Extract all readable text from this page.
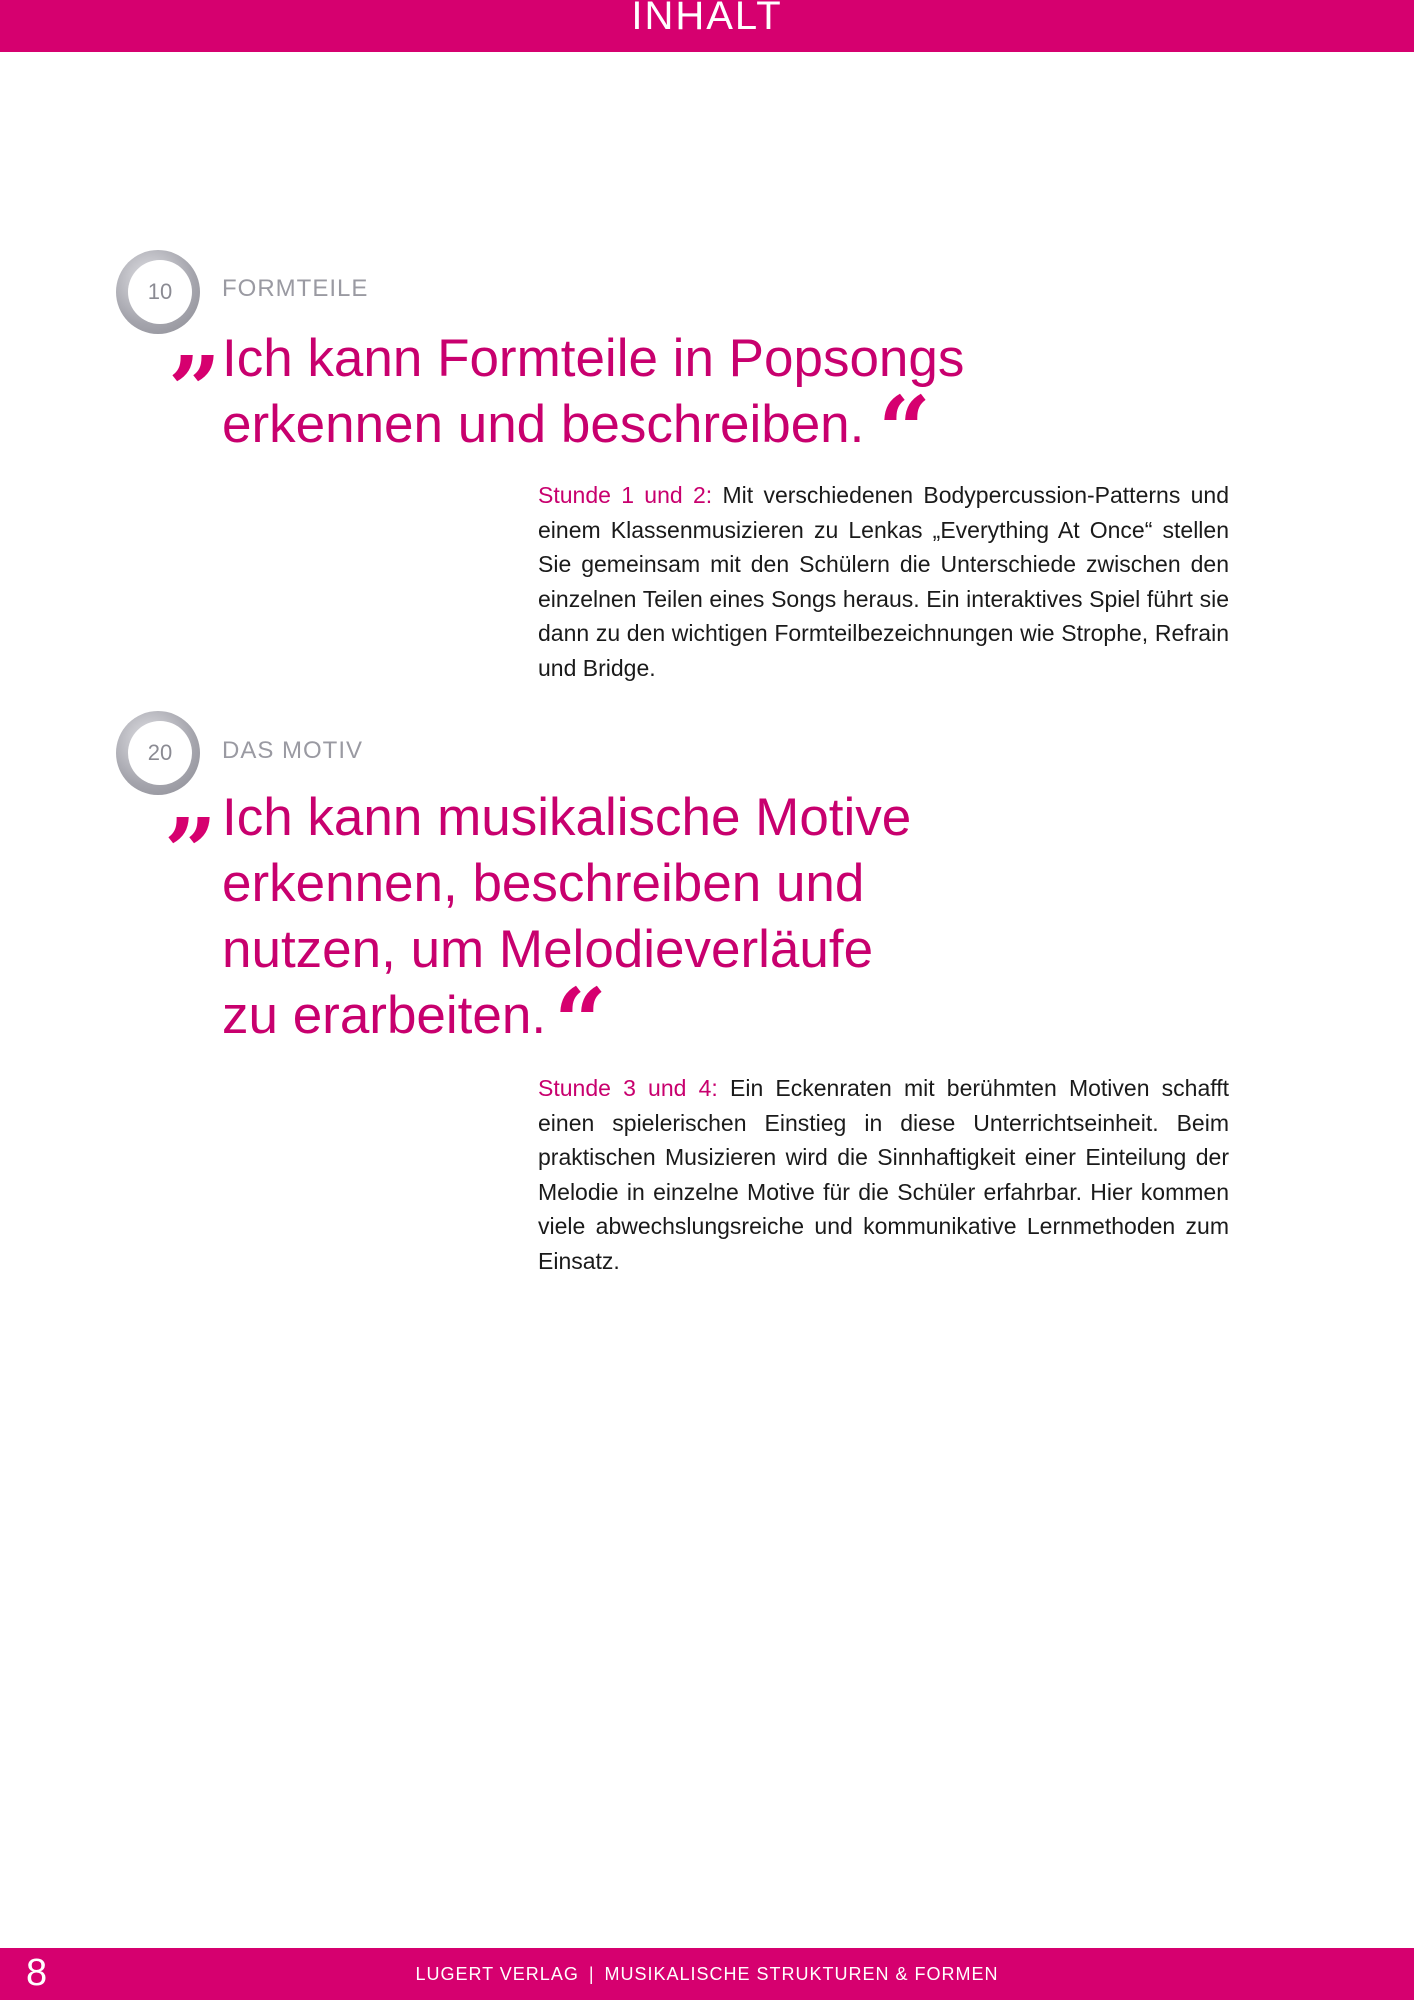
INHALT
10	FORMTEILE
” Ich kann Formteile in Popsongs
erkennen und beschreiben. “
Stunde 1 und 2: Mit verschiedenen Bodypercussion-Patterns und einem Klassenmusizieren zu Lenkas „Everything At Once“ stellen Sie gemeinsam mit den Schülern die Unterschiede zwischen den einzelnen Teilen eines Songs heraus. Ein interaktives Spiel führt sie dann zu den wichtigen Formteilbezeichnungen wie Strophe, Refrain und Bridge.
20	DAS MOTIV
” Ich kann musikalische Motive
erkennen, beschreiben und
nutzen, um Melodieverläufe
zu erarbeiten. “
Stunde 3 und 4: Ein Eckenraten mit berühmten Motiven schafft einen spielerischen Einstieg in diese Unterrichtseinheit. Beim praktischen Musizieren wird die Sinnhaftigkeit einer Einteilung der Melodie in einzelne Motive für die Schüler erfahrbar. Hier kommen viele abwechslungsreiche und kommunikative Lernmethoden zum Einsatz.
8	LUGERT VERLAG | MUSIKALISCHE STRUKTUREN & FORMEN
